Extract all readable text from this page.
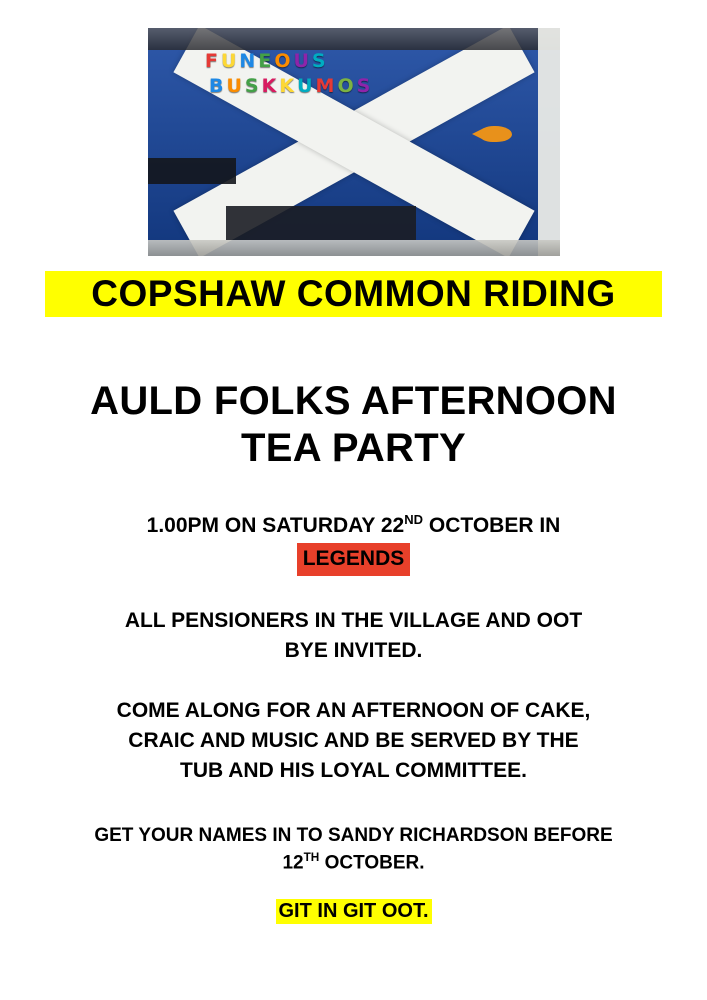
F U N E O U S
B U S K K U M O S
COPSHAW COMMON RIDING
AULD FOLKS AFTERNOON
TEA PARTY
1.00PM ON SATURDAY 22ND OCTOBER IN
LEGENDS
ALL PENSIONERS IN THE VILLAGE AND OOT
BYE INVITED.
COME ALONG FOR AN AFTERNOON OF CAKE,
CRAIC AND MUSIC AND BE SERVED BY THE
TUB AND HIS LOYAL COMMITTEE.
GET YOUR NAMES IN TO SANDY RICHARDSON BEFORE
12TH OCTOBER.
GIT IN GIT OOT.
